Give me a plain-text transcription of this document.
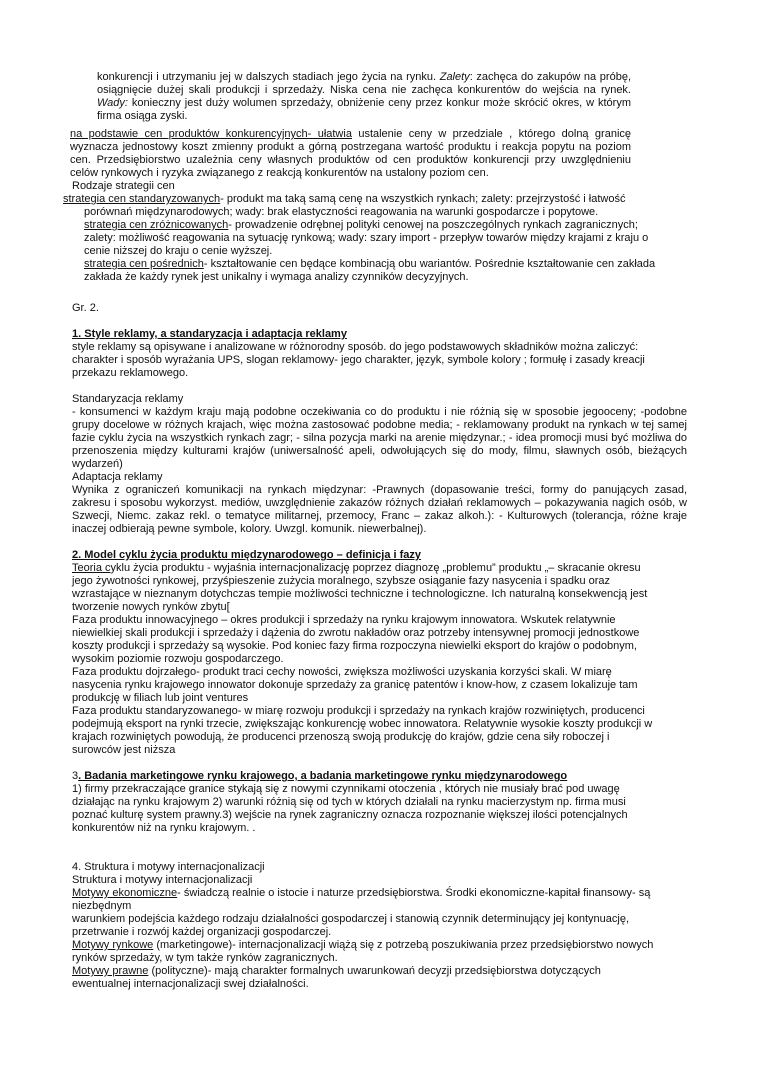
konkurencji i utrzymaniu jej w dalszych stadiach jego życia na rynku. Zalety: zachęca do zakupów na próbę, osiągnięcie dużej skali produkcji i sprzedaży. Niska cena nie zachęca konkurentów do wejścia na rynek. Wady: konieczny jest duży wolumen sprzedaży, obniżenie ceny przez konkur może skrócić okres, w którym firma osiąga zyski.

na podstawie cen produktów konkurencyjnych- ułatwia ustalenie ceny w przedziale , którego dolną granicę wyznacza jednostowy koszt zmienny produkt a górną postrzegana wartość produktu i reakcja popytu na poziom cen. Przedsiębiorstwo uzależnia ceny własnych produktów od cen produktów konkurencji przy uwzględnieniu celów rynkowych i ryzyka związanego z reakcją konkurentów na ustalony poziom cen.

Rodzaje strategii cen
strategia cen standaryzowanych- produkt ma taką samą cenę na wszystkich rynkach; zalety: przejrzystość i łatwość
porównań międzynarodowych; wady: brak elastyczności reagowania na warunki gospodarcze i popytowe.
strategia cen zróżnicowanych- prowadzenie odrębnej polityki cenowej na poszczególnych rynkach zagranicznych;
zalety: możliwość reagowania na sytuację rynkową; wady: szary import - przepływ towarów między krajami z kraju o
cenie niższej do kraju o cenie wyższej.
strategia cen pośrednich- kształtowanie cen będące kombinacją obu wariantów. Pośrednie kształtowanie cen zakłada
zakłada że każdy rynek jest unikalny i wymaga analizy czynników decyzyjnych.
Gr. 2.
1. Style reklamy, a standaryzacja i adaptacja reklamy
style reklamy są opisywane i analizowane w różnorodny sposób. do jego podstawowych składników można zaliczyć:
charakter i sposób wyrażania UPS, slogan reklamowy- jego charakter, język, symbole kolory ; formułę i zasady kreacji
przekazu reklamowego.
Standaryzacja reklamy

- konsumenci w każdym kraju mają podobne oczekiwania co do produktu i nie różnią się w sposobie jegooceny; -podobne grupy docelowe w różnych krajach, więc można zastosować podobne media; - reklamowany produkt na rynkach w tej samej fazie cyklu życia na wszystkich rynkach zagr; - silna pozycja marki na arenie międzynar.; - idea promocji musi być możliwa do przenoszenia między kulturami krajów (uniwersalność apeli, odwołujących się do mody, filmu, sławnych osób, bieżących wydarzeń)

Adaptacja reklamy

Wynika z ograniczeń komunikacji na rynkach międzynar: -Prawnych (dopasowanie treści, formy do panujących zasad, zakresu i sposobu wykorzyst. mediów, uwzględnienie zakazów różnych działań reklamowych – pokazywania nagich osób, w Szwecji, Niemc. zakaz rekl. o tematyce militarnej, przemocy, Franc – zakaz alkoh.): - Kulturowych (tolerancja, różne kraje inaczej odbierają pewne symbole, kolory. Uwzgl. komunik. niewerbalnej).

2. Model cyklu życia produktu międzynarodowego – definicja i fazy
Teoria cyklu życia produktu - wyjaśnia internacjonalizację poprzez diagnozę „problemu” produktu „– skracanie okresu
jego żywotności rynkowej, przyśpieszenie zużycia moralnego, szybsze osiąganie fazy nasycenia i spadku oraz
wzrastające w nieznanym dotychczas tempie możliwości techniczne i technologiczne. Ich naturalną konsekwencją jest
tworzenie nowych rynków zbytu[
Faza produktu innowacyjnego – okres produkcji i sprzedaży na rynku krajowym innowatora. Wskutek relatywnie
niewielkiej skali produkcji i sprzedaży i dążenia do zwrotu nakładów oraz potrzeby intensywnej promocji jednostkowe
koszty produkcji i sprzedaży są wysokie. Pod koniec fazy firma rozpoczyna niewielki eksport do krajów o podobnym,
wysokim poziomie rozwoju gospodarczego.
Faza produktu dojrzałego- produkt traci cechy nowości, zwiększa możliwości uzyskania korzyści skali. W miarę
nasycenia rynku krajowego innowator dokonuje sprzedaży za granicę patentów i know-how, z czasem lokalizuje tam
produkcję w filiach lub joint ventures
Faza produktu standaryzowanego- w miarę rozwoju produkcji i sprzedaży na rynkach krajów rozwiniętych, producenci
podejmują eksport na rynki trzecie, zwiększając konkurencję wobec innowatora. Relatywnie wysokie koszty produkcji w
krajach rozwiniętych powodują, że producenci przenoszą swoją produkcję do krajów, gdzie cena siły roboczej i
surowców jest niższa
3. Badania marketingowe rynku krajowego, a badania marketingowe rynku międzynarodowego
1) firmy przekraczające granice stykają się z nowymi czynnikami otoczenia , których nie musiały brać pod uwagę
działając na rynku krajowym 2) warunki różnią się od tych w których działali na rynku macierzystym np. firma musi
poznać kulturę system prawny.3) wejście na rynek zagraniczny oznacza rozpoznanie większej ilości potencjalnych
konkurentów niż na rynku krajowym. .
4. Struktura i motywy internacjonalizacji
Struktura i motywy internacjonalizacji
Motywy ekonomiczne- świadczą realnie o istocie i naturze przedsiębiorstwa. Środki ekonomiczne-kapitał finansowy- są
niezbędnym
warunkiem podejścia każdego rodzaju działalności gospodarczej i stanowią czynnik determinujący jej kontynuację,
przetrwanie i rozwój każdej organizacji gospodarczej.
Motywy rynkowe (marketingowe)- internacjonalizacji wiążą się z potrzebą poszukiwania przez przedsiębiorstwo nowych
rynków sprzedaży, w tym także rynków zagranicznych.
Motywy prawne (polityczne)- mają charakter formalnych uwarunkowań decyzji przedsiębiorstwa dotyczących
ewentualnej internacjonalizacji swej działalności.
